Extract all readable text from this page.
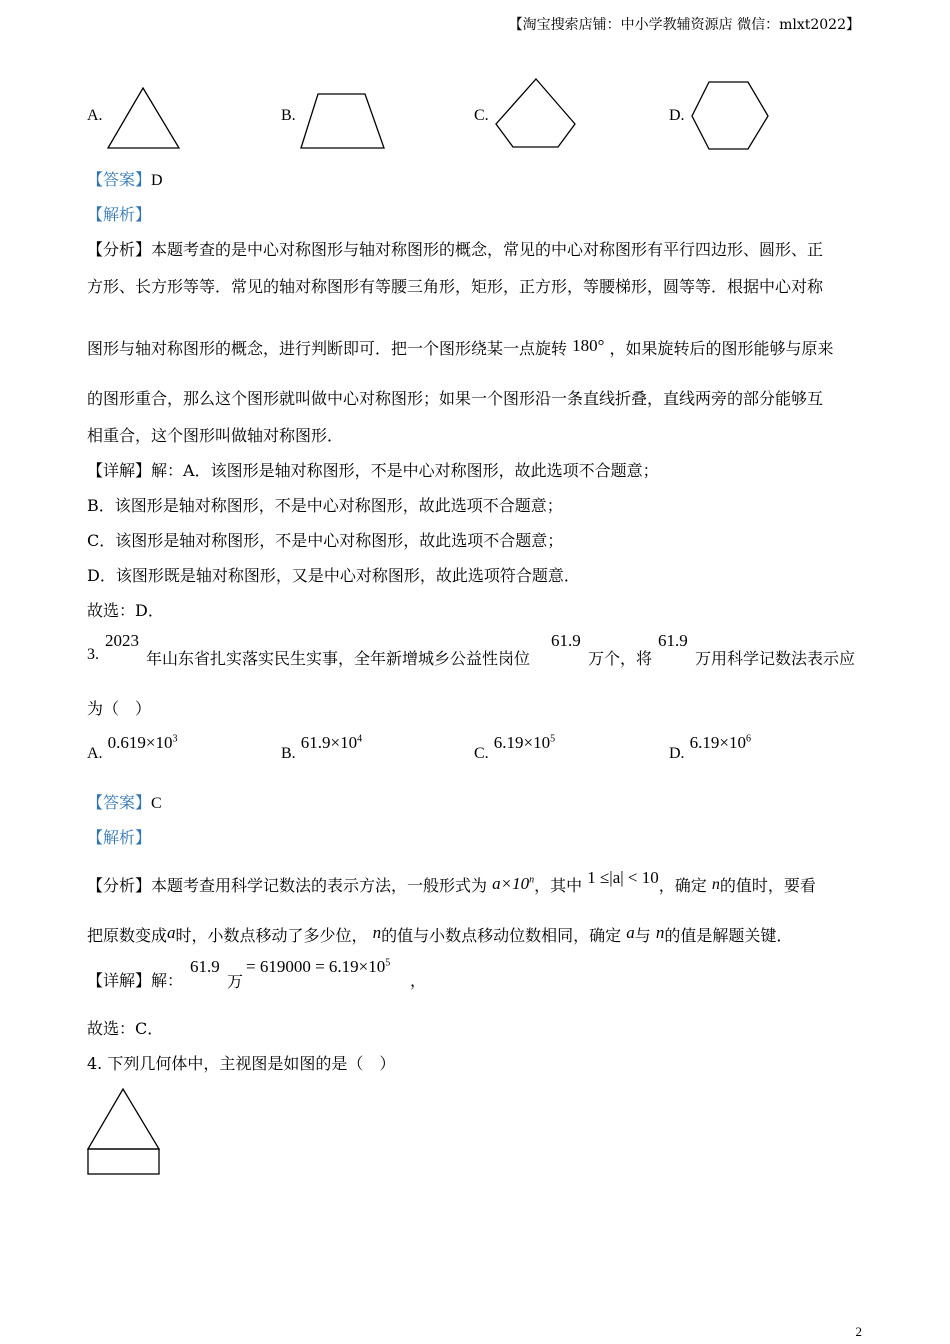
【淘宝搜索店铺：中小学教辅资源店 微信：mlxt2022】
A.	B.	C.	D.
【答案】D
【解析】
【分析】本题考查的是中心对称图形与轴对称图形的概念，常见的中心对称图形有平行四边形、圆形、正
方形、长方形等等．常见的轴对称图形有等腰三角形，矩形，正方形，等腰梯形，圆等等．根据中心对称
图形与轴对称图形的概念，进行判断即可．把一个图形绕某一点旋转 180° ，如果旋转后的图形能够与原来
的图形重合，那么这个图形就叫做中心对称图形；如果一个图形沿一条直线折叠，直线两旁的部分能够互
相重合，这个图形叫做轴对称图形．
【详解】解：A．该图形是轴对称图形，不是中心对称图形，故此选项不合题意；
B．该图形是轴对称图形，不是中心对称图形，故此选项不合题意；
C．该图形是轴对称图形，不是中心对称图形，故此选项不合题意；
D．该图形既是轴对称图形，又是中心对称图形，故此选项符合题意．
故选：D．
3.
2023
年山东省扎实落实民生实事，全年新增城乡公益性岗位
61.9
万个，将
61.9
万用科学记数法表示应
为（　）
A. $0.619\times 10^3$
B. $61.9\times 10^4$
C. $6.19\times 10^5$
D. $6.19\times 10^6$
【答案】C
【解析】
【分析】本题考查用科学记数法的表示方法，一般形式为 $a\times 10^n$，其中 1 ≤|a| < 10，确定 n的值时，要看
把原数变成a时，小数点移动了多少位， n的值与小数点移动位数相同，确定 a与 n的值是解题关键．
【详解】解：
61.9
万
= $619000 = 6.19\times 10^5$
，
故选：C．
4. 下列几何体中，主视图是如图的是（　）
2
